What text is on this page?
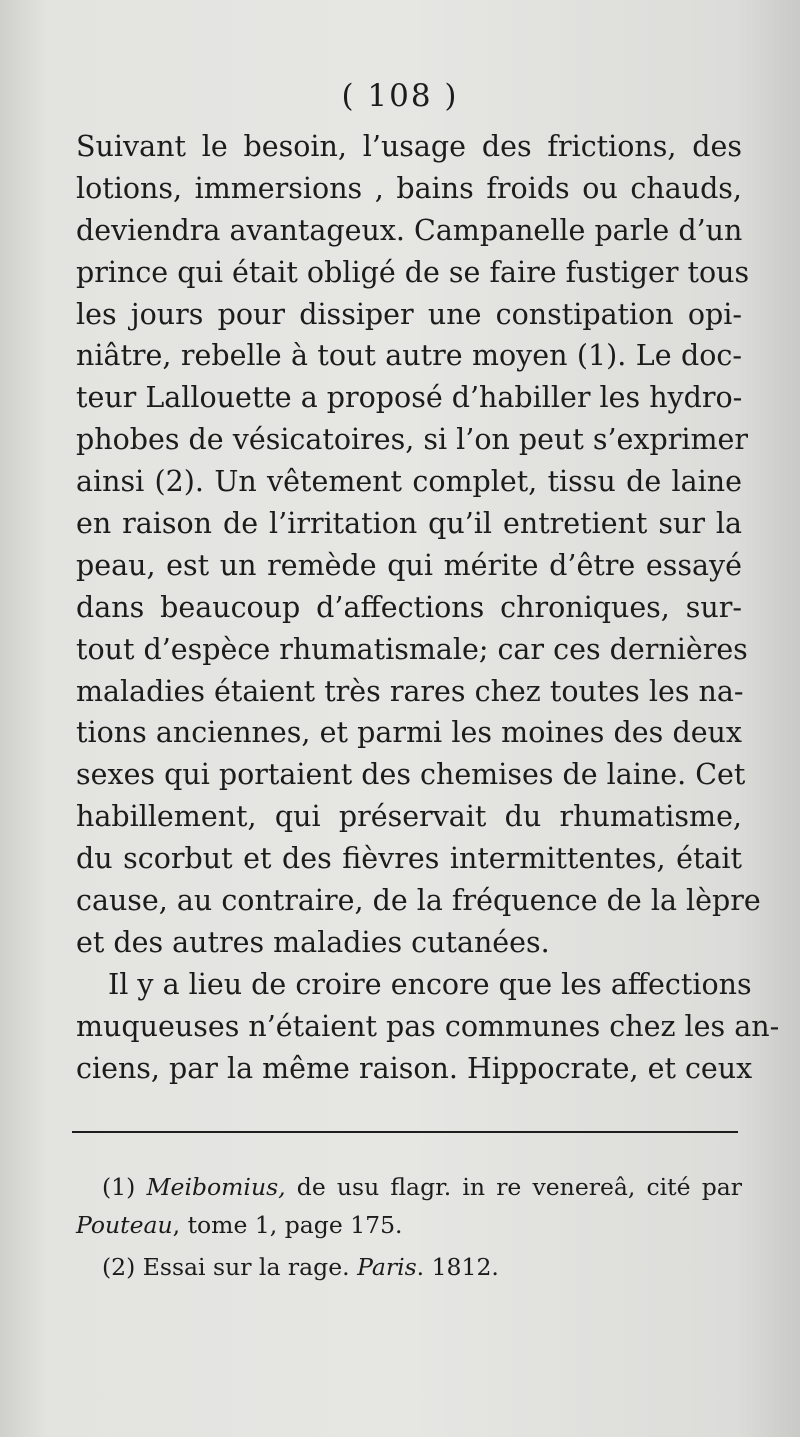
( 108 )
Suivant le besoin, l’usage des frictions, des
lotions, immersions , bains froids ou chauds,
deviendra avantageux. Campanelle parle d’un
prince qui était obligé de se faire fustiger tous
les jours pour dissiper une constipation opi-
niâtre, rebelle à tout autre moyen (1). Le doc-
teur Lallouette a proposé d’habiller les hydro-
phobes de vésicatoires, si l’on peut s’exprimer
ainsi (2). Un vêtement complet, tissu de laine
en raison de l’irritation qu’il entretient sur la
peau, est un remède qui mérite d’être essayé
dans beaucoup d’affections chroniques, sur-
tout d’espèce rhumatismale; car ces dernières
maladies étaient très rares chez toutes les na-
tions anciennes, et parmi les moines des deux
sexes qui portaient des chemises de laine. Cet
habillement, qui préservait du rhumatisme,
du scorbut et des fièvres intermittentes, était
cause, au contraire, de la fréquence de la lèpre
et des autres maladies cutanées.
Il y a lieu de croire encore que les affections
muqueuses n’étaient pas communes chez les an-
ciens, par la même raison. Hippocrate, et ceux
(1) Meibomius, de usu flagr. in re venereâ, cité par
Pouteau, tome 1, page 175.
(2) Essai sur la rage. Paris. 1812.
